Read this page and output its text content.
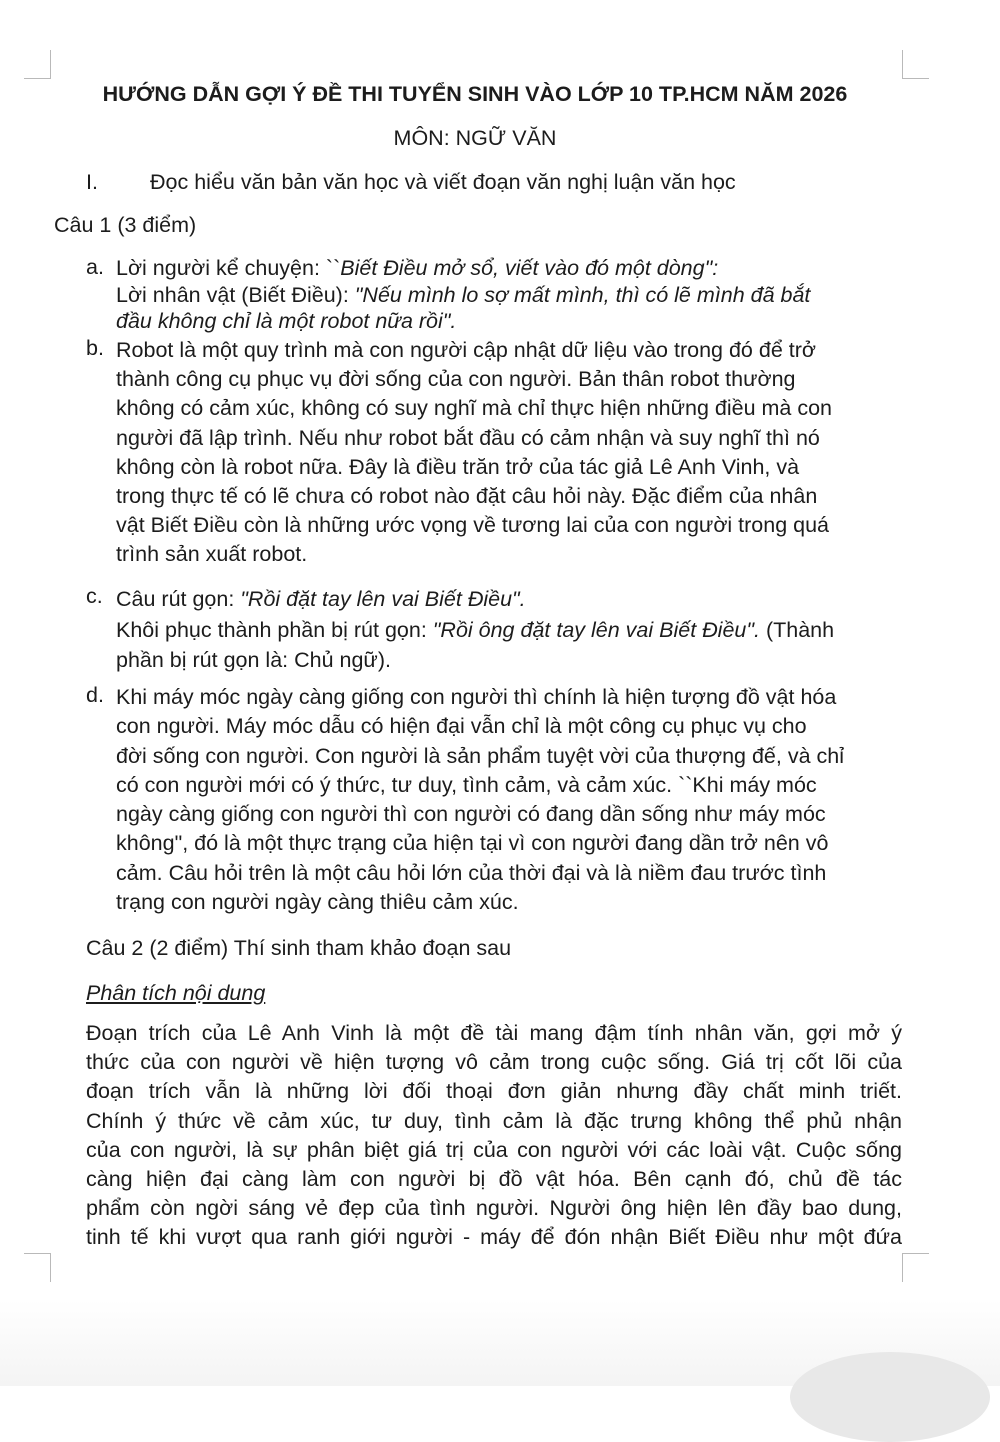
HƯỚNG DẪN GỢI Ý ĐỀ THI TUYỂN SINH VÀO LỚP 10 TP.HCM NĂM 2026
MÔN: NGỮ VĂN
I. Đọc hiểu văn bản văn học và viết đoạn văn nghị luận văn học
Câu 1 (3 điểm)
a. Lời người kể chuyện: ``Biết Điều mở sổ, viết vào đó một dòng":
Lời nhân vật (Biết Điều): "Nếu mình lo sợ mất mình, thì có lẽ mình đã bắt
đầu không chỉ là một robot nữa rồi".
b. Robot là một quy trình mà con người cập nhật dữ liệu vào trong đó để trở
thành công cụ phục vụ đời sống của con người. Bản thân robot thường
không có cảm xúc, không có suy nghĩ mà chỉ thực hiện những điều mà con
người đã lập trình. Nếu như robot bắt đầu có cảm nhận và suy nghĩ thì nó
không còn là robot nữa. Đây là điều trăn trở của tác giả Lê Anh Vinh, và
trong thực tế có lẽ chưa có robot nào đặt câu hỏi này. Đặc điểm của nhân
vật Biết Điều còn là những ước vọng về tương lai của con người trong quá
trình sản xuất robot.
c. Câu rút gọn: "Rồi đặt tay lên vai Biết Điều".
Khôi phục thành phần bị rút gọn: "Rồi ông đặt tay lên vai Biết Điều". (Thành
phần bị rút gọn là: Chủ ngữ).
d. Khi máy móc ngày càng giống con người thì chính là hiện tượng đồ vật hóa
con người. Máy móc dẫu có hiện đại vẫn chỉ là một công cụ phục vụ cho
đời sống con người. Con người là sản phẩm tuyệt vời của thượng đế, và chỉ
có con người mới có ý thức, tư duy, tình cảm, và cảm xúc. ``Khi máy móc
ngày càng giống con người thì con người có đang dần sống như máy móc
không", đó là một thực trạng của hiện tại vì con người đang dần trở nên vô
cảm. Câu hỏi trên là một câu hỏi lớn của thời đại và là niềm đau trước tình
trạng con người ngày càng thiêu cảm xúc.
Câu 2 (2 điểm) Thí sinh tham khảo đoạn sau
Phân tích nội dung
Đoạn trích của Lê Anh Vinh là một đề tài mang đậm tính nhân văn, gợi mở ý
thức của con người về hiện tượng vô cảm trong cuộc sống. Giá trị cốt lõi của
đoạn trích vẫn là những lời đối thoại đơn giản nhưng đầy chất minh triết.
Chính ý thức về cảm xúc, tư duy, tình cảm là đặc trưng không thể phủ nhận
của con người, là sự phân biệt giá trị của con người với các loài vật. Cuộc sống
càng hiện đại càng làm con người bị đồ vật hóa. Bên cạnh đó, chủ đề tác
phẩm còn ngời sáng vẻ đẹp của tình người. Người ông hiện lên đầy bao dung,
tinh tế khi vượt qua ranh giới người - máy để đón nhận Biết Điều như một đứa
